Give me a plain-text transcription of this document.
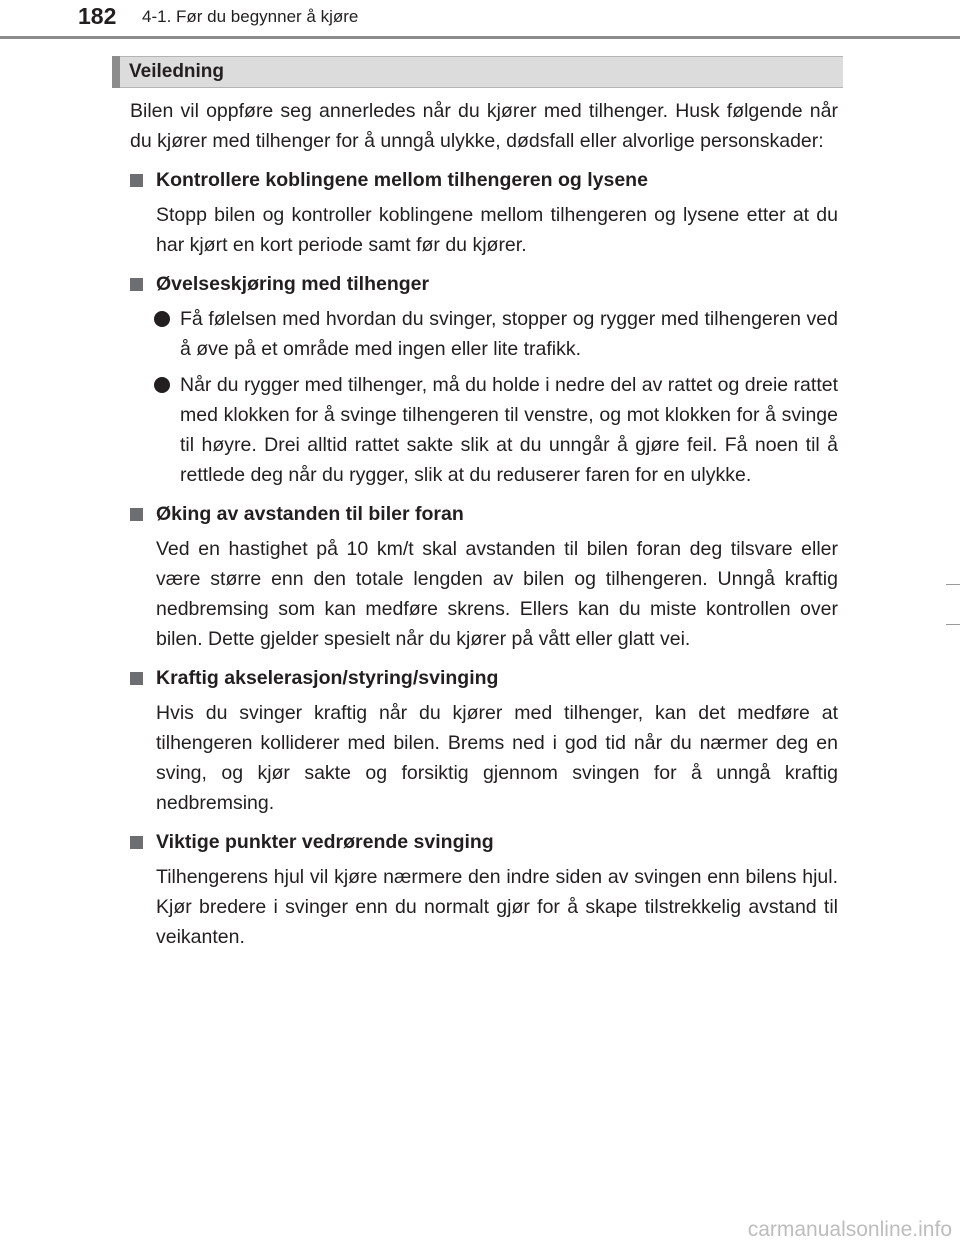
182 4-1. Før du begynner å kjøre
Veiledning

Bilen vil oppføre seg annerledes når du kjører med tilhenger. Husk følgende når du kjører med tilhenger for å unngå ulykke, dødsfall eller alvorlige personskader:

Kontrollere koblingene mellom tilhengeren og lysene

Stopp bilen og kontroller koblingene mellom tilhengeren og lysene etter at du har kjørt en kort periode samt før du kjører.

Øvelseskjøring med tilhenger

Få følelsen med hvordan du svinger, stopper og rygger med tilhengeren ved å øve på et område med ingen eller lite trafikk.

Når du rygger med tilhenger, må du holde i nedre del av rattet og dreie rattet med klokken for å svinge tilhengeren til venstre, og mot klokken for å svinge til høyre. Drei alltid rattet sakte slik at du unngår å gjøre feil. Få noen til å rettlede deg når du rygger, slik at du reduserer faren for en ulykke.

Øking av avstanden til biler foran

Ved en hastighet på 10 km/t skal avstanden til bilen foran deg tilsvare eller være større enn den totale lengden av bilen og tilhengeren. Unngå kraftig nedbremsing som kan medføre skrens. Ellers kan du miste kontrollen over bilen. Dette gjelder spesielt når du kjører på vått eller glatt vei.

Kraftig akselerasjon/styring/svinging

Hvis du svinger kraftig når du kjører med tilhenger, kan det medføre at tilhengeren kolliderer med bilen. Brems ned i god tid når du nærmer deg en sving, og kjør sakte og forsiktig gjennom svingen for å unngå kraftig nedbremsing.

Viktige punkter vedrørende svinging

Tilhengerens hjul vil kjøre nærmere den indre siden av svingen enn bilens hjul. Kjør bredere i svinger enn du normalt gjør for å skape tilstrekkelig avstand til veikanten.

carmanualsonline.info
